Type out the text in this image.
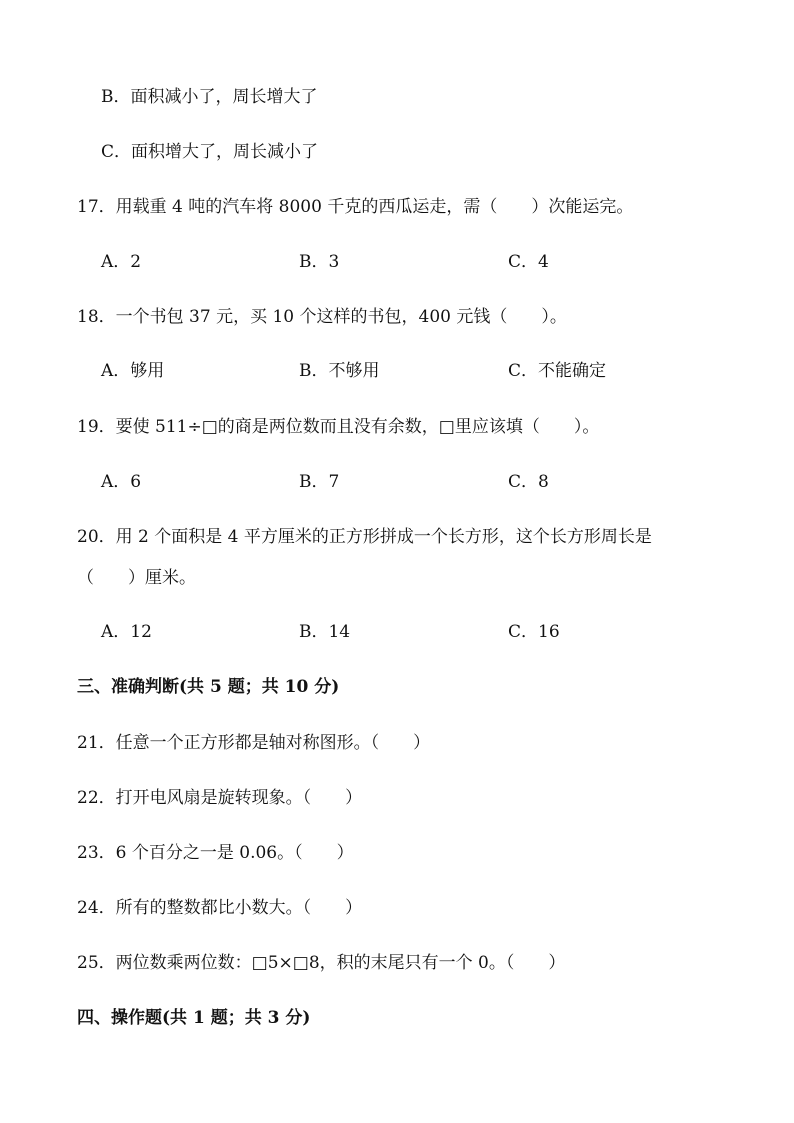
B．面积减小了，周长增大了
C．面积增大了，周长减小了
17．用载重 4 吨的汽车将 8000 千克的西瓜运走，需（　　）次能运完。
A．2	B．3	C．4
18．一个书包 37 元，买 10 个这样的书包，400 元钱（　　）。
A．够用	B．不够用	C．不能确定
19．要使 511÷□的商是两位数而且没有余数，□里应该填（　　）。
A．6	B．7	C．8
20．用 2 个面积是 4 平方厘米的正方形拼成一个长方形，这个长方形周长是
（　　）厘米。
A．12	B．14	C．16
三、准确判断(共 5 题；共 10 分)
21．任意一个正方形都是轴对称图形。（　　）
22．打开电风扇是旋转现象。（　　）
23．6 个百分之一是 0.06。（　　）
24．所有的整数都比小数大。（　　）
25．两位数乘两位数：□5×□8，积的末尾只有一个 0。（　　）
四、操作题(共 1 题；共 3 分)
